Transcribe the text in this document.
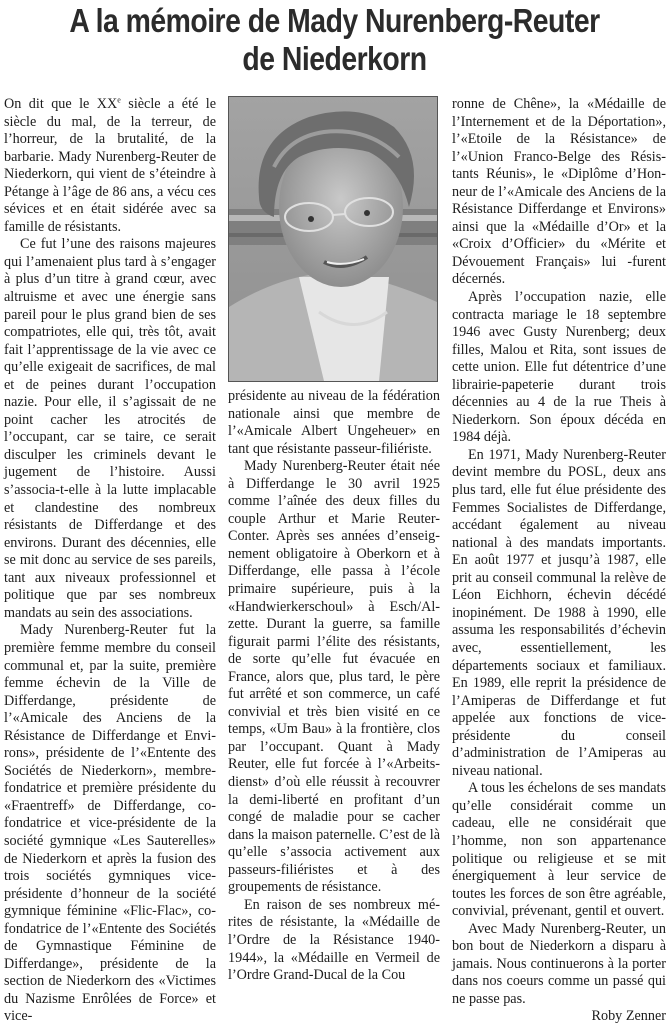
A la mémoire de Mady Nurenberg-Reuter
de Niederkorn

On dit que le XXe siècle a été le siècle du mal, de la terreur, de l’horreur, de la brutalité, de la barbarie. Mady Nurenberg-Reuter de Niederkorn, qui vient de s’éteindre à Pétange à l’âge de 86 ans, a vécu ces sévices et en était sidérée avec sa famille de résistants.

Ce fut l’une des raisons majeures qui l’amenaient plus tard à s’engager à plus d’un titre à grand cœur, avec altruisme et avec une énergie sans pareil pour le plus grand bien de ses compatriotes, elle qui, très tôt, avait fait l’apprentissage de la vie avec ce qu’elle exigeait de sacrifices, de mal et de peines durant l’occupation nazie. Pour elle, il s’agissait de ne point cacher les atrocités de l’occupant, car se taire, ce serait disculper les criminels devant le jugement de l’histoire. Aussi s’associa-t-elle à la lutte implacable et clandestine des nombreux résistants de Differdange et des environs. Durant des décennies, elle se mit donc au service de ses pareils, tant aux niveaux professionnel et politique que par ses nombreux mandats au sein des associations.

Mady Nurenberg-Reuter fut la première femme membre du conseil communal et, par la suite, première femme échevin de la Ville de Differdange, présidente de l’«Amicale des Anciens de la Résistance de Differdange et Environs», présidente de l’«Entente des Sociétés de Niederkorn», membre-fondatrice et première présidente du «Fraentreff» de Differdange, co-fondatrice et vice-présidente de la société gymnique «Les Sauterelles» de Niederkorn et après la fusion des trois sociétés gymniques vice-présidente d’honneur de la société gymnique féminine «Flic-Flac», co-fondatrice de l’«Entente des Sociétés de Gymnastique Féminine de Differdange», présidente de la section de Niederkorn des «Victimes du Nazisme Enrôlées de Force» et vice-

présidente au niveau de la fédération nationale ainsi que membre de l’«Amicale Albert Ungeheuer» en tant que résistante passeur-filiériste.

Mady Nurenberg-Reuter était née à Differdange le 30 avril 1925 comme l’aînée des deux filles du couple Arthur et Marie Reuter-Conter. Après ses années d’enseignement obligatoire à Oberkorn et à Differdange, elle passa à l’école primaire supérieure, puis à la «Handwierkerschoul» à Esch/Alzette. Durant la guerre, sa famille figurait parmi l’élite des résistants, de sorte qu’elle fut évacuée en France, alors que, plus tard, le père fut arrêté et son commerce, un café convivial et très bien visité en ce temps, «Um Bau» à la frontière, clos par l’occupant. Quant à Mady Reuter, elle fut forcée à l’«Arbeitsdienst» d’où elle réussit à recouvrer la demi-liberté en profitant d’un congé de maladie pour se cacher dans la maison paternelle. C’est de là qu’elle s’associa activement aux passeurs-filiéristes et à des groupements de résistance.

En raison de ses nombreux mérites de résistante, la «Médaille de l’Ordre de la Résistance 1940-1944», la «Médaille en Vermeil de l’Ordre Grand-Ducal de la Cou

ronne de Chêne», la «Médaille de l’Internement et de la Déportation», l’«Etoile de la Résistance» de l’«Union Franco-Belge des Résistants Réunis», le «Diplôme d’Honneur de l’«Amicale des Anciens de la Résistance Differdange et Environs» ainsi que la «Médaille d’Or» et la «Croix d’Officier» du «Mérite et Dévouement Français» lui -furent décernés.

Après l’occupation nazie, elle contracta mariage le 18 septembre 1946 avec Gusty Nurenberg; deux filles, Malou et Rita, sont issues de cette union. Elle fut détentrice d’une librairie-papeterie durant trois décennies au 4 de la rue Theis à Niederkorn. Son époux décéda en 1984 déjà.

En 1971, Mady Nurenberg-Reuter devint membre du POSL, deux ans plus tard, elle fut élue présidente des Femmes Socialistes de Differdange, accédant également au niveau national à des mandats importants. En août 1977 et jusqu’à 1987, elle prit au conseil communal la relève de Léon Eichhorn, échevin décédé inopinément. De 1988 à 1990, elle assuma les responsabilités d’échevin avec, essentiellement, les départements sociaux et familiaux. En 1989, elle reprit la présidence de l’Amiperas de Differdange et fut appelée aux fonctions de vice-présidente du conseil d’administration de l’Amiperas au niveau national.

A tous les échelons de ses mandats qu’elle considérait comme un cadeau, elle ne considérait que l’homme, non son appartenance politique ou religieuse et se mit énergiquement à leur service de toutes les forces de son être agréable, convivial, prévenant, gentil et ouvert.

Avec Mady Nurenberg-Reuter, un bon bout de Niederkorn a disparu à jamais. Nous continuerons à la porter dans nos coeurs comme un passé qui ne passe pas.

Roby Zenner
